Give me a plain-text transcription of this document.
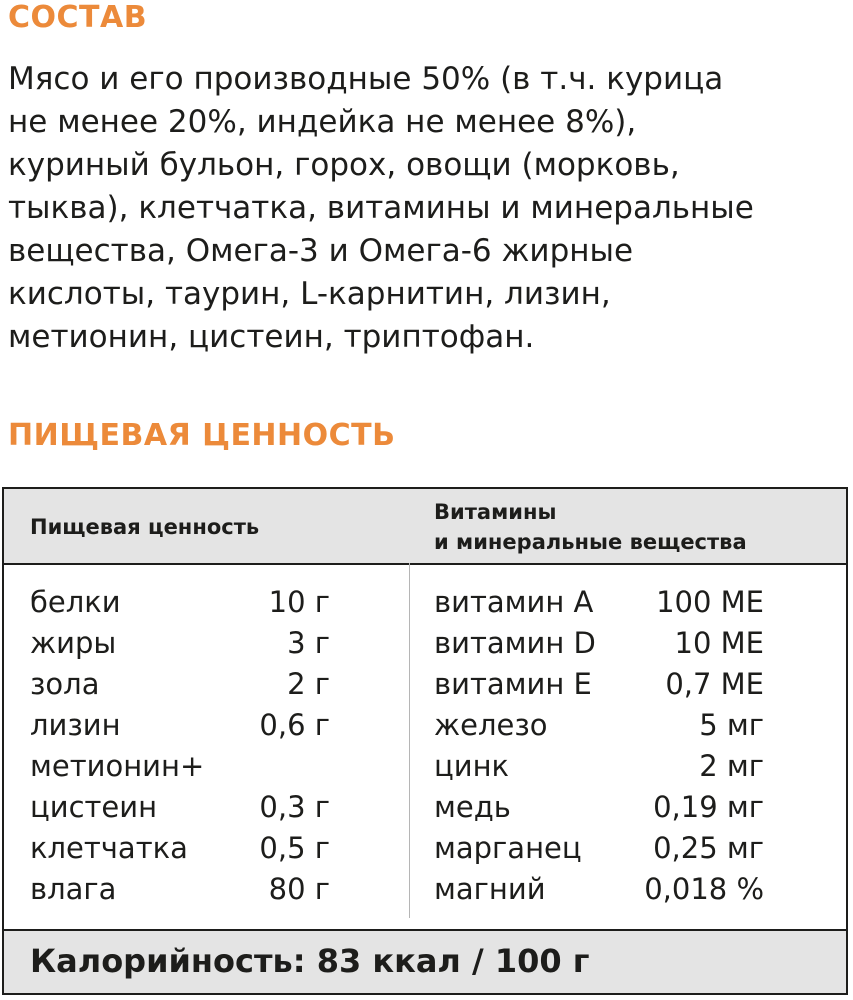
СОСТАВ
Мясо и его производные 50% (в т.ч. курица
не менее 20%, индейка не менее 8%),
куриный бульон, горох, овощи (морковь,
тыква), клетчатка, витамины и минеральные
вещества, Омега-3 и Омега-6 жирные
кислоты, таурин, L-карнитин, лизин,
метионин, цистеин, триптофан.
ПИЩЕВАЯ ЦЕННОСТЬ
Пищевая ценность
Витамины
и минеральные вещества
белки	10 г
жиры	3 г
зола	2 г
лизин	0,6 г
метионин+
цистеин	0,3 г
клетчатка 0,5 г
влага	80 г
витамин А 100 МЕ
витамин D	10 МЕ
витамин Е	0,7 МЕ
железо	5 мг
цинк	2 мг
медь	0,19 мг
марганец 0,25 мг
магний	0,018 %
Калорийность: 83 ккал / 100 г
